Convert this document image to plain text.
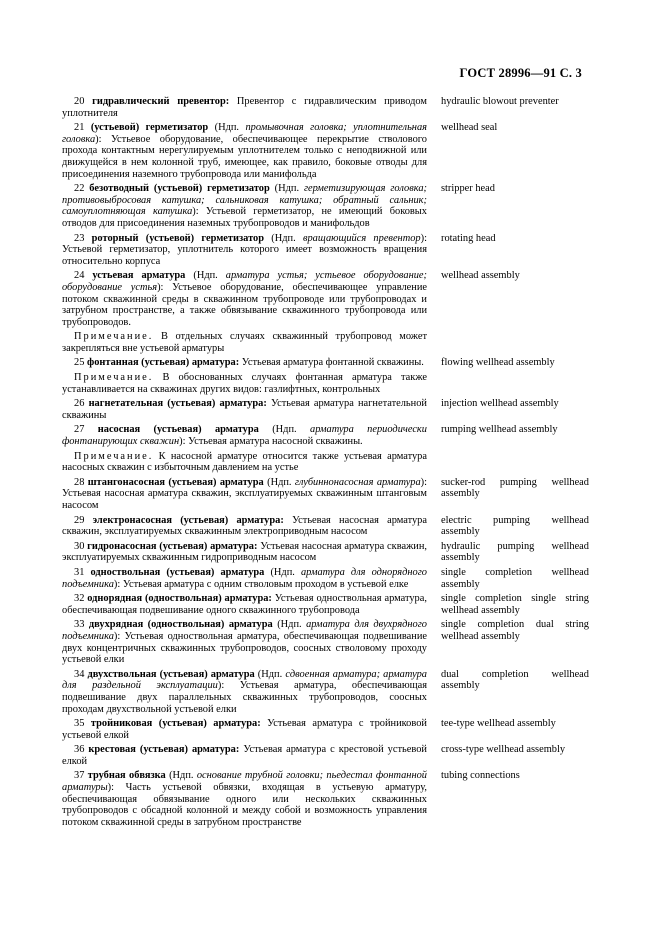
ГОСТ 28996—91 С. 3
20 гидравлический превентор: Превентор с гидравлическим приводом уплотнителя
hydraulic blowout preventer
21 (устьевой) герметизатор (Ндп. промывочная головка; уплотнительная головка): Устьевое оборудование, обеспечивающее перекрытие стволового прохода контактным нерегулируемым уплотнителем только с неподвижной или движущейся в нем колонной труб, имеющее, как правило, боковые отводы для присоединения наземного трубопровода или манифольда
wellhead seal
22 безотводный (устьевой) герметизатор (Ндп. герметизирующая головка; противовыбросовая катушка; сальниковая катушка; обратный сальник; самоуплотняющая катушка): Устьевой герметизатор, не имеющий боковых отводов для присоединения наземных трубопроводов и манифольдов
stripper head
23 роторный (устьевой) герметизатор (Ндп. вращающийся превентор): Устьевой герметизатор, уплотнитель которого имеет возможность вращения относительно корпуса
rotating head
24 устьевая арматура (Ндп. арматура устья; устьевое оборудование; оборудование устья): Устьевое оборудование, обеспечивающее управление потоком скважинной среды в скважинном трубопроводе или трубопроводах и затрубном пространстве, а также обвязывание скважинного трубопровода или трубопроводов.
wellhead assembly
Примечание. В отдельных случаях скважинный трубопровод может закрепляться вне устьевой арматуры
25 фонтанная (устьевая) арматура: Устьевая арматура фонтанной скважины.	flowing wellhead assembly
Примечание. В обоснованных случаях фонтанная арматура также устанавливается на скважинах других видов: газлифтных, контрольных
26 нагнетательная (устьевая) арматура: Устьевая арматура нагнетательной скважины
injection wellhead assembly
27 насосная (устьевая) арматура (Ндп. арматура периодически фонтанирующих скважин): Устьевая арматура насосной скважины.
rumping wellhead assembly
Примечание. К насосной арматуре относится также устьевая арматура насосных скважин с избыточным давлением на устье
28 штангонасосная (устьевая) арматура (Ндп. глубиннонасосная арматура): Устьевая насосная арматура скважин, эксплуатируемых скважинным штанговым насосом
sucker-rod pumping wellhead assembly
29 электронасосная (устьевая) арматура: Устьевая насосная арматура скважин, эксплуатируемых скважинным электроприводным насосом
electric pumping wellhead assembly
30 гидронасосная (устьевая) арматура: Устьевая насосная арматура скважин, эксплуатируемых скважинным гидроприводным насосом
hydraulic pumping wellhead assembly
31 одноствольная (устьевая) арматура (Ндп. арматура для однорядного подъемника): Устьевая арматура с одним стволовым проходом в устьевой елке
single completion wellhead assembly
32 однорядная (одноствольная) арматура: Устьевая одноствольная арматура, обеспечивающая подвешивание одного скважинного трубопровода
single completion single string wellhead assembly
33 двухрядная (одноствольная) арматура (Ндп. арматура для двухрядного подъемника): Устьевая одноствольная арматура, обеспечивающая подвешивание двух концентричных скважинных трубопроводов, соосных стволовому проходу устьевой елки
single completion dual string wellhead assembly
34 двухствольная (устьевая) арматура (Ндп. сдвоенная арматура; арматура для раздельной эксплуатации): Устьевая арматура, обеспечивающая подвешивание двух параллельных скважинных трубопроводов, соосных проходам двухствольной устьевой елки
dual completion wellhead assembly
35 тройниковая (устьевая) арматура: Устьевая арматура с тройниковой устьевой елкой
tee-type wellhead assembly
36 крестовая (устьевая) арматура: Устьевая арматура с крестовой устьевой елкой
cross-type wellhead assembly
37 трубная обвязка (Ндп. основание трубной головки; пьедестал фонтанной арматуры): Часть устьевой обвязки, входящая в устьевую арматуру, обеспечивающая обвязывание одного или нескольких скважинных трубопроводов с обсадной колонной и между собой и возможность управления потоком скважинной среды в затрубном пространстве
tubing connections
